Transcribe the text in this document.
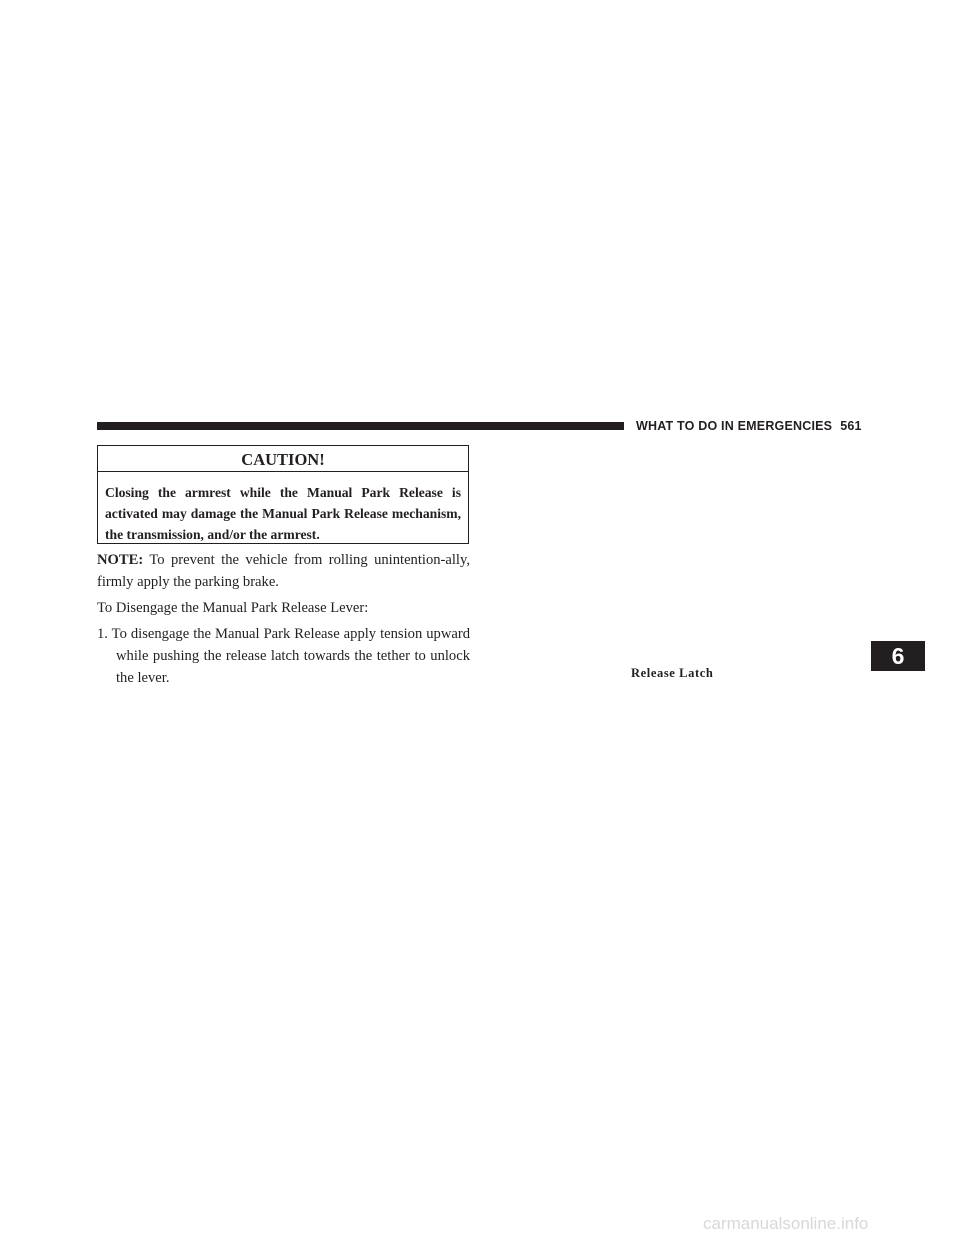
WHAT TO DO IN EMERGENCIES 561
CAUTION!
Closing the armrest while the Manual Park Release is activated may damage the Manual Park Release mechanism, the transmission, and/or the armrest.
NOTE: To prevent the vehicle from rolling unintention-ally, firmly apply the parking brake.
To Disengage the Manual Park Release Lever:
1. To disengage the Manual Park Release apply tension upward while pushing the release latch towards the tether to unlock the lever.	Release Latch
6
carmanualsonline.info
